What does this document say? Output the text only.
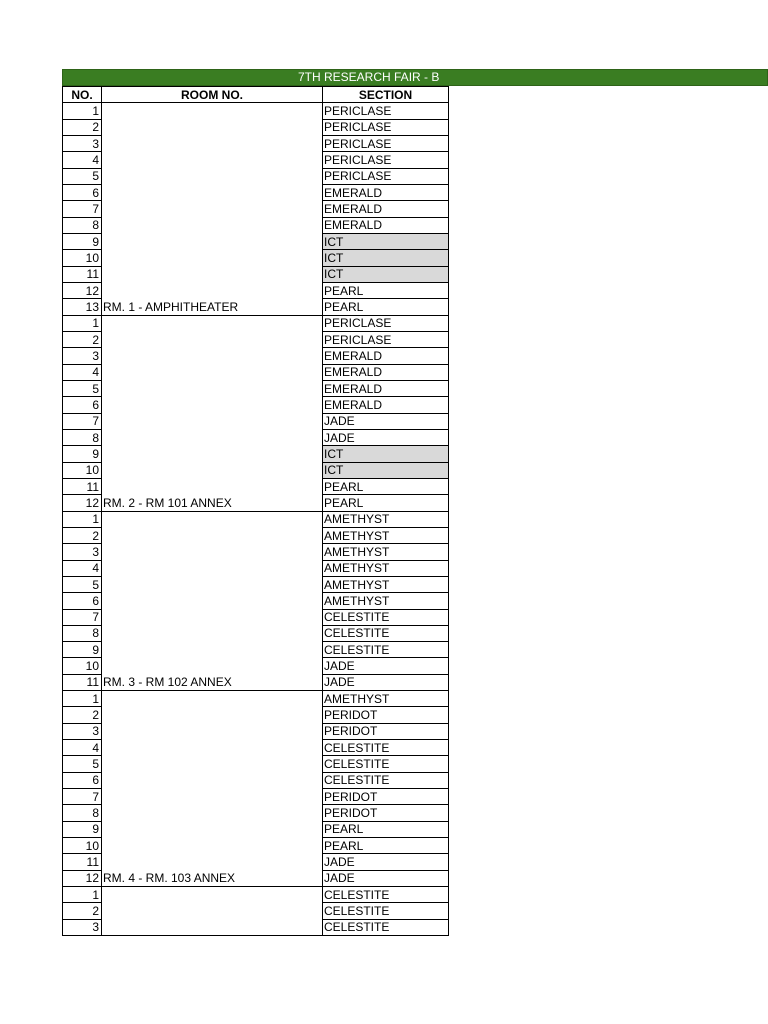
7TH RESEARCH FAIR - B
NO.	ROOM NO.	SECTION
1		PERICLASE
2		PERICLASE
3		PERICLASE
4		PERICLASE
5		PERICLASE
6		EMERALD
7		EMERALD
8		EMERALD
9		ICT
10		ICT
11		ICT
12		PEARL
13	RM. 1 - AMPHITHEATER	PEARL
1		PERICLASE
2		PERICLASE
3		EMERALD
4		EMERALD
5		EMERALD
6		EMERALD
7		JADE
8		JADE
9		ICT
10		ICT
11		PEARL
12	RM. 2 - RM 101 ANNEX	PEARL
1		AMETHYST
2		AMETHYST
3		AMETHYST
4		AMETHYST
5		AMETHYST
6		AMETHYST
7		CELESTITE
8		CELESTITE
9		CELESTITE
10		JADE
11	RM. 3 - RM 102 ANNEX	JADE
1		AMETHYST
2		PERIDOT
3		PERIDOT
4		CELESTITE
5		CELESTITE
6		CELESTITE
7		PERIDOT
8		PERIDOT
9		PEARL
10		PEARL
11		JADE
12	RM. 4 - RM. 103 ANNEX	JADE
1		CELESTITE
2		CELESTITE
3		CELESTITE
